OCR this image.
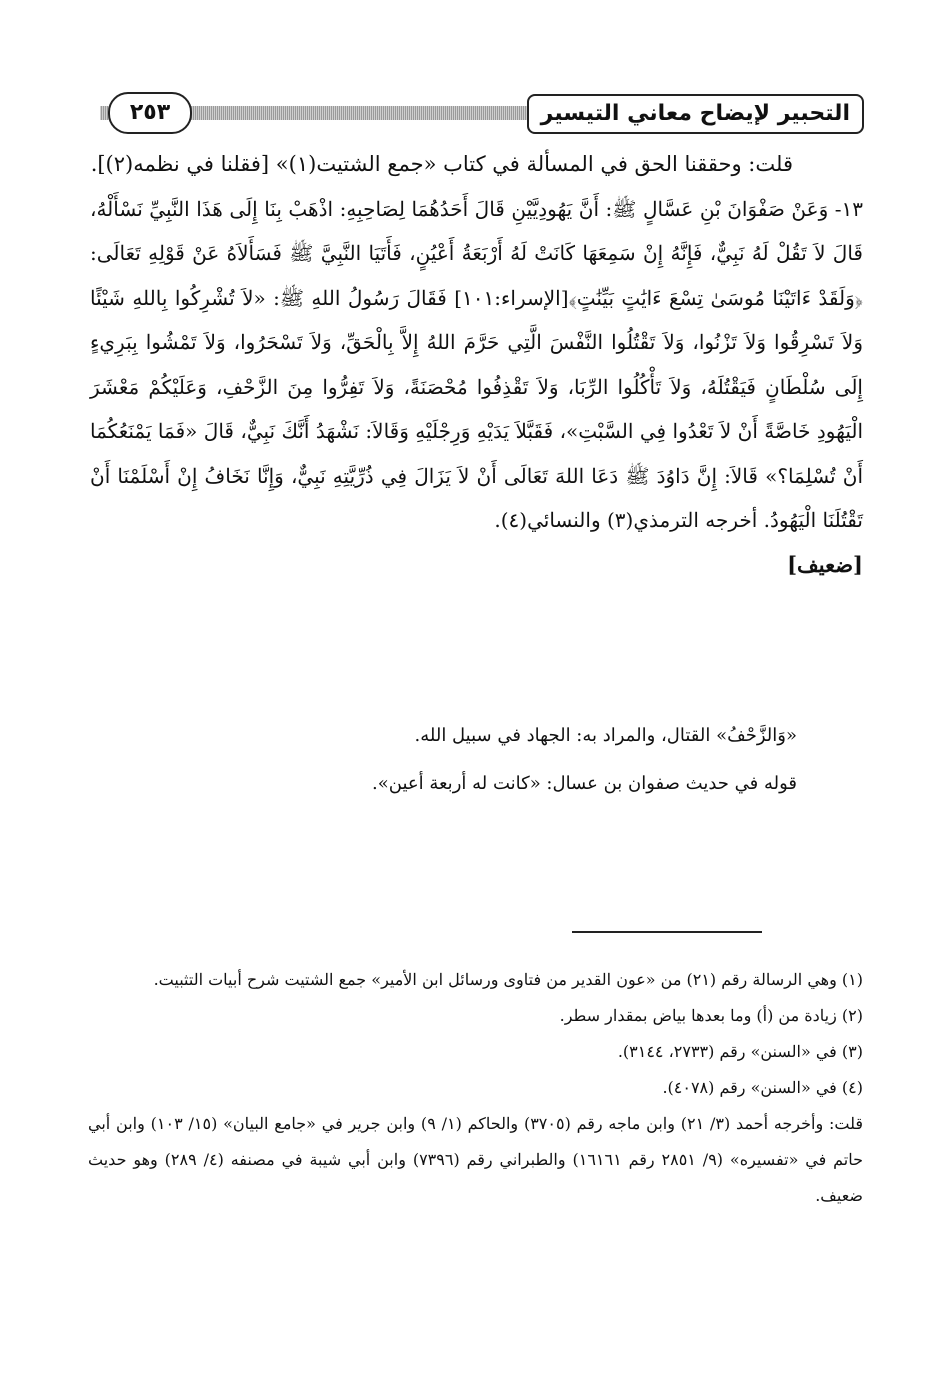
التحبير لإيضاح معاني التيسير
٢٥٣

قلت: وحققنا الحق في المسألة في كتاب «جمع الشتيت(١)» [فقلنا في نظمه(٢)].

١٣- وَعَنْ صَفْوَانَ بْنِ عَسَّالٍ ﷺ: أَنَّ يَهُودِيَّيْنِ قَالَ أَحَدُهُمَا لِصَاحِبِهِ: اذْهَبْ بِنَا إِلَى هَذَا النَّبِيِّ نَسْأَلْهُ، قَالَ لاَ تَقُلْ لَهُ نَبِيٌّ، فَإِنَّهُ إِنْ سَمِعَهَا كَانَتْ لَهُ أَرْبَعَةُ أَعْيُنٍ، فَأَتَيَا النَّبِيَّ ﷺ فَسَأَلاَهُ عَنْ قَوْلِهِ تَعَالَى: ﴿وَلَقَدْ ءَاتَيْنَا مُوسَىٰ تِسْعَ ءَايَٰتٍ بَيِّنَٰتٍ﴾[الإسراء:١٠١] فَقَالَ رَسُولُ اللهِ ﷺ: «لاَ تُشْرِكُوا بِاللهِ شَيْئًا وَلاَ تَسْرِقُوا وَلاَ تَزْنُوا، وَلاَ تَقْتُلُوا النَّفْسَ الَّتِي حَرَّمَ اللهُ إِلاَّ بِالْحَقِّ، وَلاَ تَسْحَرُوا، وَلاَ تَمْشُوا بِبَرِيءٍ إِلَى سُلْطَانٍ فَيَقْتُلَهُ، وَلاَ تَأْكُلُوا الرِّبَا، وَلاَ تَقْذِفُوا مُحْصَنَةً، وَلاَ تَفِرُّوا مِنَ الزَّحْفِ، وَعَلَيْكُمْ مَعْشَرَ الْيَهُودِ خَاصَّةً أَنْ لاَ تَعْدُوا فِي السَّبْتِ»، فَقَبَّلاَ يَدَيْهِ وَرِجْلَيْهِ وَقَالاَ: نَشْهَدُ أَنَّكَ نَبِيٌّ، قَالَ «فَمَا يَمْنَعُكُمَا أَنْ تُسْلِمَا؟» قَالاَ: إِنَّ دَاوُدَ ﷺ دَعَا اللهَ تَعَالَى أَنْ لاَ يَزَالَ فِي ذُرِّيَّتِهِ نَبِيٌّ، وَإِنَّا نَخَافُ إِنْ أَسْلَمْنَا أَنْ تَقْتُلَنَا الْيَهُودُ. أخرجه الترمذي(٣) والنسائي(٤).

[ضعيف]

«وَالزَّحْفُ» القتال، والمراد به: الجهاد في سبيل الله.

قوله في حديث صفوان بن عسال: «كانت له أربعة أعين».

(١) وهي الرسالة رقم (٢١) من «عون القدير من فتاوى ورسائل ابن الأمير» جمع الشتيت شرح أبيات التثبيت.

(٢) زيادة من (أ) وما بعدها بياض بمقدار سطر.

(٣) في «السنن» رقم (٢٧٣٣، ٣١٤٤).

(٤) في «السنن» رقم (٤٠٧٨).

قلت: وأخرجه أحمد (٣/ ٢١) وابن ماجه رقم (٣٧٠٥) والحاكم (١/ ٩) وابن جرير في «جامع البيان» (١٥/ ١٠٣) وابن أبي حاتم في «تفسيره» (٩/ ٢٨٥١ رقم ١٦١٦١) والطبراني رقم (٧٣٩٦) وابن أبي شيبة في مصنفه (٤/ ٢٨٩) وهو حديث ضعيف.
